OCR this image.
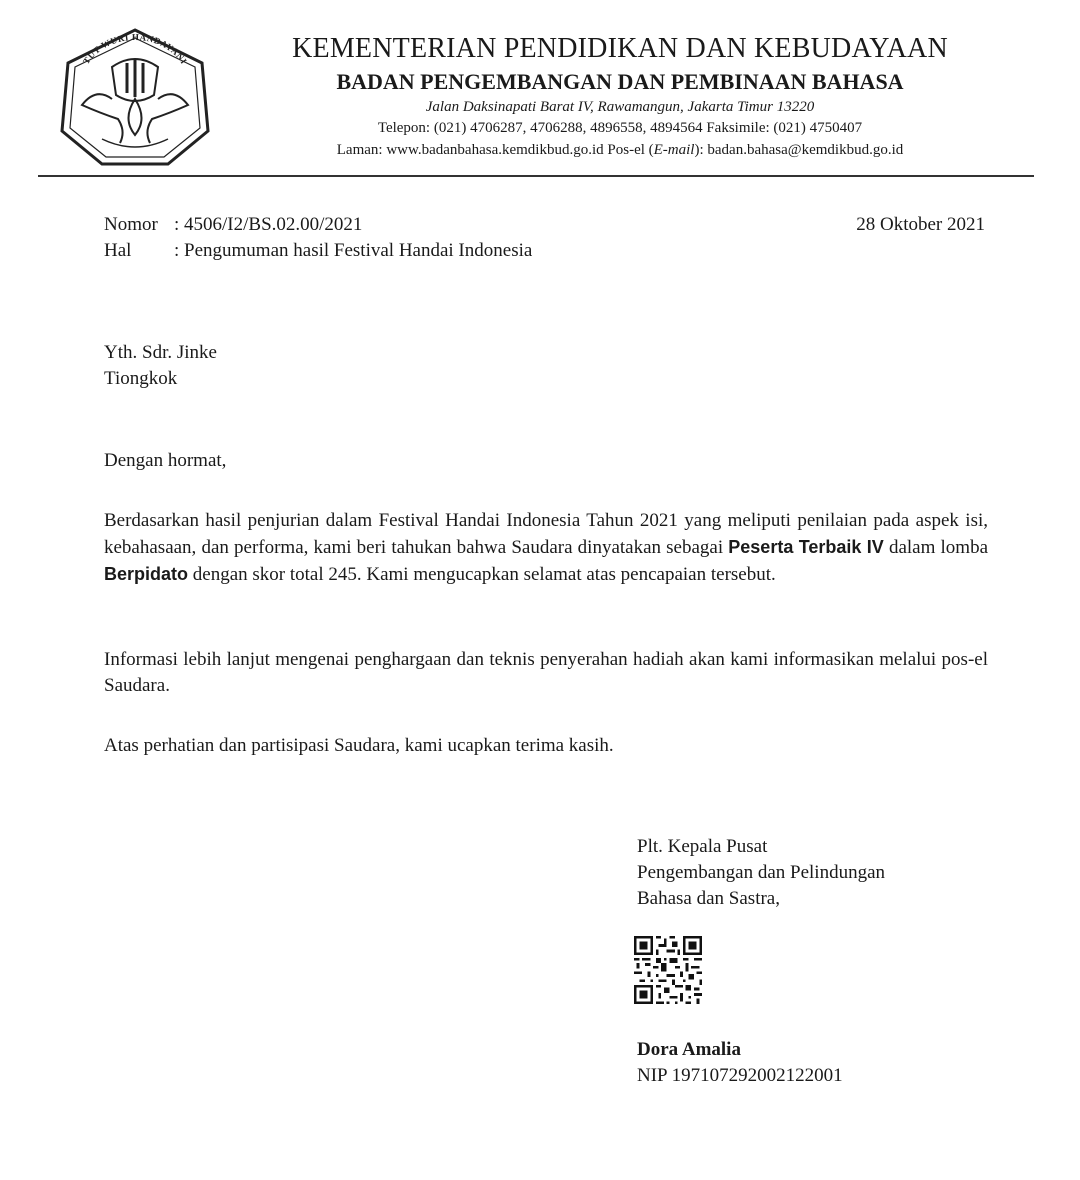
TUT WURI HANDAYANI	KEMENTERIAN PENDIDIKAN DAN KEBUDAYAAN
BADAN PENGEMBANGAN DAN PEMBINAAN BAHASA
Jalan Daksinapati Barat IV, Rawamangun, Jakarta Timur 13220
Telepon: (021) 4706287, 4706288, 4896558, 4894564 Faksimile: (021) 4750407
Laman: www.badanbahasa.kemdikbud.go.id Pos-el (E-mail): badan.bahasa@kemdikbud.go.id
Nomor : 4506/I2/BS.02.00/2021
Hal : Pengumuman hasil Festival Handai Indonesia
28 Oktober 2021
Yth. Sdr. Jinke
Tiongkok
Dengan hormat,
Berdasarkan hasil penjurian dalam Festival Handai Indonesia Tahun 2021 yang meliputi penilaian pada aspek isi, kebahasaan, dan performa, kami beri tahukan bahwa Saudara dinyatakan sebagai Peserta Terbaik IV dalam lomba Berpidato dengan skor total 245. Kami mengucapkan selamat atas pencapaian tersebut.
Informasi lebih lanjut mengenai penghargaan dan teknis penyerahan hadiah akan kami informasikan melalui pos-el Saudara.
Atas perhatian dan partisipasi Saudara, kami ucapkan terima kasih.
Plt. Kepala Pusat
Pengembangan dan Pelindungan
Bahasa dan Sastra,
Dora Amalia
NIP 197107292002122001
